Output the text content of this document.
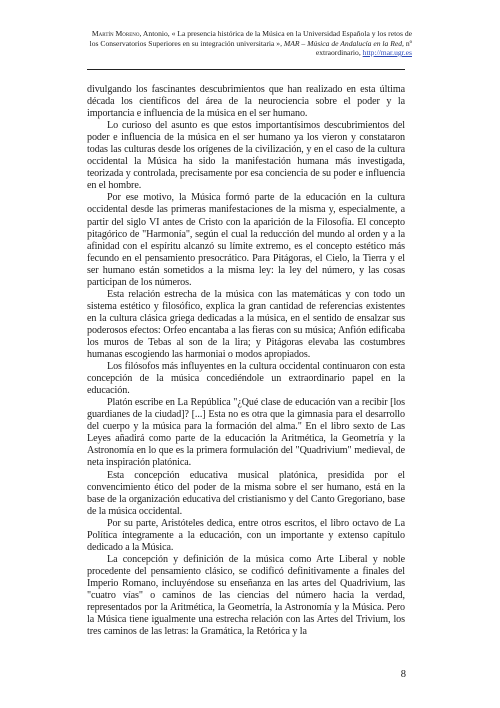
Martín Moreno, Antonio, « La presencia histórica de la Música en la Universidad Española y los retos de los Conservatorios Superiores en su integración universitaria », MAR – Música de Andalucía en la Red, nº extraordinario, http://mar.ugr.es

divulgando los fascinantes descubrimientos que han realizado en esta última década los científicos del área de la neurociencia sobre el poder y la importancia e influencia de la música en el ser humano.

Lo curioso del asunto es que estos importantísimos descubrimientos del poder e influencia de la música en el ser humano ya los vieron y constataron todas las culturas desde los orígenes de la civilización, y en el caso de la cultura occidental la Música ha sido la manifestación humana más investigada, teorizada y controlada, precisamente por esa conciencia de su poder e influencia en el hombre.

Por ese motivo, la Música formó parte de la educación en la cultura occidental desde las primeras manifestaciones de la misma y, especialmente, a partir del siglo VI antes de Cristo con la aparición de la Filosofía. El concepto pitagórico de "Harmonía", según el cual la reducción del mundo al orden y a la afinidad con el espíritu alcanzó su límite extremo, es el concepto estético más fecundo en el pensamiento presocrático. Para Pitágoras, el Cielo, la Tierra y el ser humano están sometidos a la misma ley: la ley del número, y las cosas participan de los números.

Esta relación estrecha de la música con las matemáticas y con todo un sistema estético y filosófico, explica la gran cantidad de referencias existentes en la cultura clásica griega dedicadas a la música, en el sentido de ensalzar sus poderosos efectos: Orfeo encantaba a las fieras con su música; Anfión edificaba los muros de Tebas al son de la lira; y Pitágoras elevaba las costumbres humanas escogiendo las harmoniai o modos apropiados.

Los filósofos más influyentes en la cultura occidental continuaron con esta concepción de la música concediéndole un extraordinario papel en la educación.

Platón escribe en La República "¿Qué clase de educación van a recibir [los guardianes de la ciudad]? [...] Esta no es otra que la gimnasia para el desarrollo del cuerpo y la música para la formación del alma." En el libro sexto de Las Leyes añadirá como parte de la educación la Aritmética, la Geometría y la Astronomía en lo que es la primera formulación del "Quadrivium" medieval, de neta inspiración platónica.

Esta concepción educativa musical platónica, presidida por el convencimiento ético del poder de la misma sobre el ser humano, está en la base de la organización educativa del cristianismo y del Canto Gregoriano, base de la música occidental.

Por su parte, Aristóteles dedica, entre otros escritos, el libro octavo de La Política íntegramente a la educación, con un importante y extenso capítulo dedicado a la Música.

La concepción y definición de la música como Arte Liberal y noble procedente del pensamiento clásico, se codificó definitivamente a finales del Imperio Romano, incluyéndose su enseñanza en las artes del Quadrivium, las "cuatro vías" o caminos de las ciencias del número hacia la verdad, representados por la Aritmética, la Geometría, la Astronomía y la Música. Pero la Música tiene igualmente una estrecha relación con las Artes del Trivium, los tres caminos de las letras: la Gramática, la Retórica y la

8
